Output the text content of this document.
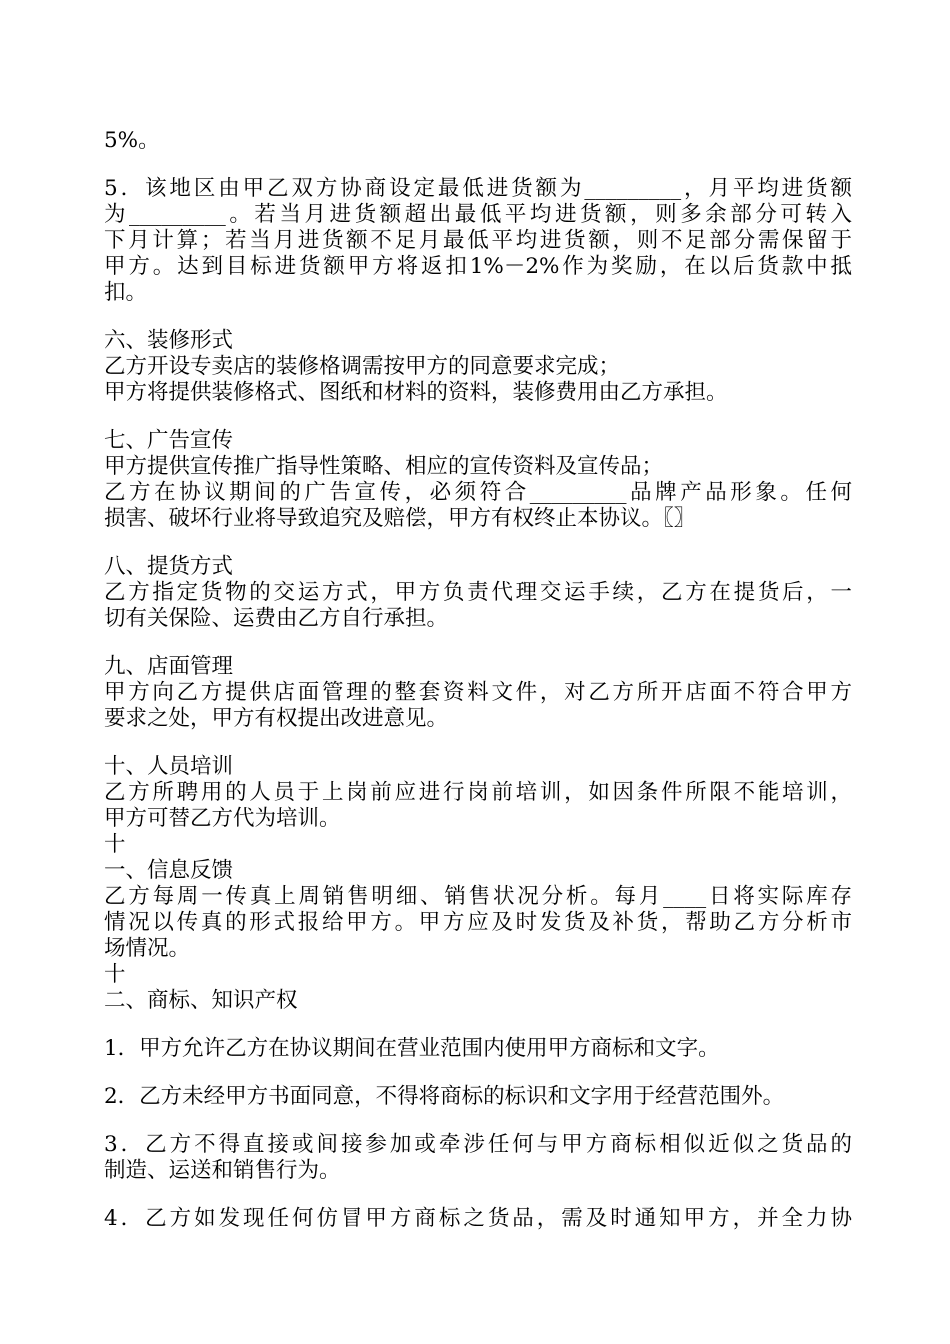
5%。
5．该地区由甲乙双方协商设定最低进货额为_________，月平均进货额
为_________。若当月进货额超出最低平均进货额，则多余部分可转入
下月计算；若当月进货额不足月最低平均进货额，则不足部分需保留于
甲方。达到目标进货额甲方将返扣1%－2%作为奖励，在以后货款中抵
扣。
六、装修形式
乙方开设专卖店的装修格调需按甲方的同意要求完成；
甲方将提供装修格式、图纸和材料的资料，装修费用由乙方承担。
七、广告宣传
甲方提供宣传推广指导性策略、相应的宣传资料及宣传品；
乙方在协议期间的广告宣传，必须符合_________品牌产品形象。任何
损害、破坏行业将导致追究及赔偿，甲方有权终止本协议。〖〗
八、提货方式
乙方指定货物的交运方式，甲方负责代理交运手续，乙方在提货后，一
切有关保险、运费由乙方自行承担。
九、店面管理
甲方向乙方提供店面管理的整套资料文件，对乙方所开店面不符合甲方
要求之处，甲方有权提出改进意见。
十、人员培训
乙方所聘用的人员于上岗前应进行岗前培训，如因条件所限不能培训，
甲方可替乙方代为培训。
十
一、信息反馈
乙方每周一传真上周销售明细、销售状况分析。每月____日将实际库存
情况以传真的形式报给甲方。甲方应及时发货及补货，帮助乙方分析市
场情况。
十
二、商标、知识产权
1．甲方允许乙方在协议期间在营业范围内使用甲方商标和文字。
2．乙方未经甲方书面同意，不得将商标的标识和文字用于经营范围外。
3．乙方不得直接或间接参加或牵涉任何与甲方商标相似近似之货品的
制造、运送和销售行为。
4．乙方如发现任何仿冒甲方商标之货品，需及时通知甲方，并全力协
